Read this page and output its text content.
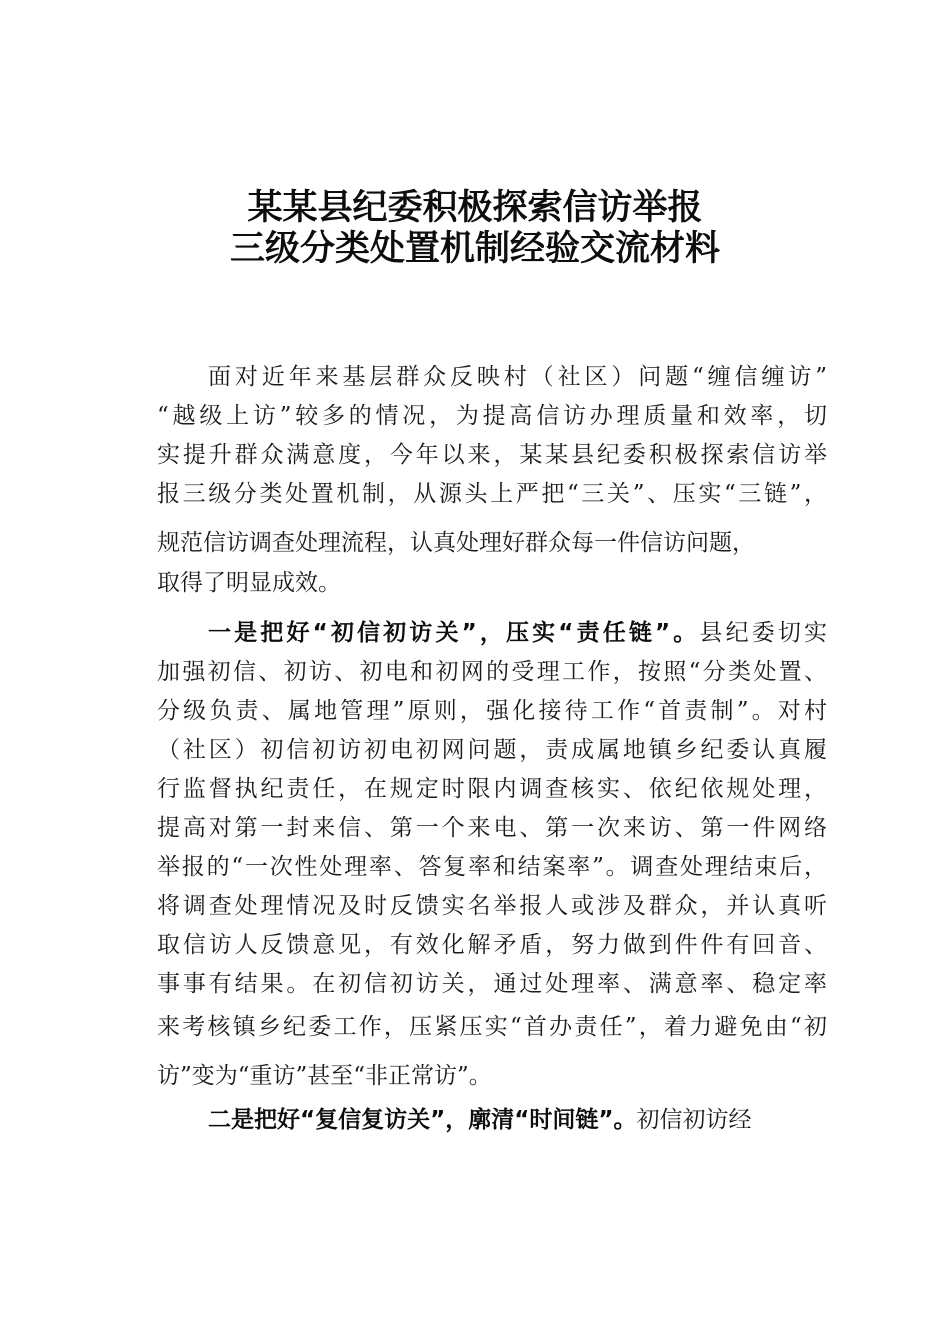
某某县纪委积极探索信访举报
三级分类处置机制经验交流材料
面对近年来基层群众反映村（社区）问题“缠信缠访”
“越级上访”较多的情况，为提高信访办理质量和效率，切
实提升群众满意度，今年以来，某某县纪委积极探索信访举
报三级分类处置机制，从源头上严把“三关”、压实“三链”，
规范信访调查处理流程，认真处理好群众每一件信访问题，
取得了明显成效。
一是把好“初信初访关”，压实“责任链”。县纪委切实
加强初信、初访、初电和初网的受理工作，按照“分类处置、
分级负责、属地管理”原则，强化接待工作“首责制”。对村
（社区）初信初访初电初网问题，责成属地镇乡纪委认真履
行监督执纪责任，在规定时限内调查核实、依纪依规处理，
提高对第一封来信、第一个来电、第一次来访、第一件网络
举报的“一次性处理率、答复率和结案率”。调查处理结束后，
将调查处理情况及时反馈实名举报人或涉及群众，并认真听
取信访人反馈意见，有效化解矛盾，努力做到件件有回音、
事事有结果。在初信初访关，通过处理率、满意率、稳定率
来考核镇乡纪委工作，压紧压实“首办责任”，着力避免由“初
访”变为“重访”甚至“非正常访”。
二是把好“复信复访关”，廓清“时间链”。初信初访经
